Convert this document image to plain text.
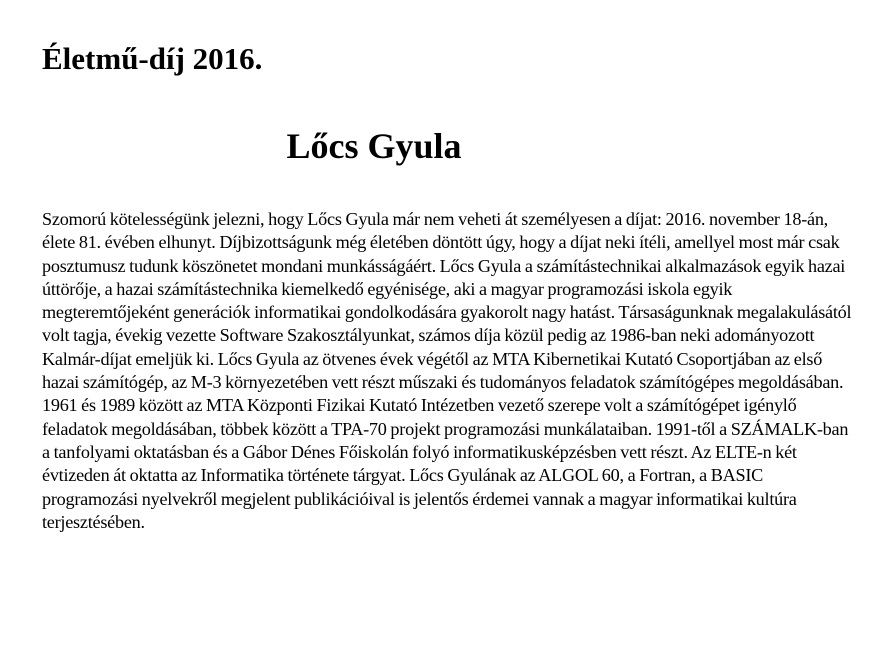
Életmű-díj 2016.
Lőcs Gyula

Szomorú kötelességünk jelezni, hogy Lőcs Gyula már nem veheti át személyesen a díjat: 2016. november 18-án, élete 81. évében elhunyt. Díjbizottságunk még életében döntött úgy, hogy a díjat neki ítéli, amellyel most már csak posztumusz tudunk köszönetet mondani munkásságáért. Lőcs Gyula a számítástechnikai alkalmazások egyik hazai úttörője, a hazai számítástechnika kiemelkedő egyénisége, aki a magyar programozási iskola egyik megteremtőjeként generációk informatikai gondolkodására gyakorolt nagy hatást. Társaságunknak megalakulásától volt tagja, évekig vezette Software Szakosztályunkat, számos díja közül pedig az 1986-ban neki adományozott Kalmár-díjat emeljük ki. Lőcs Gyula az ötvenes évek végétől az MTA Kibernetikai Kutató Csoportjában az első hazai számítógép, az M-3 környezetében vett részt műszaki és tudományos feladatok számítógépes megoldásában. 1961 és 1989 között az MTA Központi Fizikai Kutató Intézetben vezető szerepe volt a számítógépet igénylő feladatok megoldásában, többek között a TPA-70 projekt programozási munkálataiban. 1991-től a SZÁMALK-ban a tanfolyami oktatásban és a Gábor Dénes Főiskolán folyó informatikusképzésben vett részt. Az ELTE-n két évtizeden át oktatta az Informatika története tárgyat. Lőcs Gyulának az ALGOL 60, a Fortran, a BASIC programozási nyelvekről megjelent publikációival is jelentős érdemei vannak a magyar informatikai kultúra terjesztésében.
